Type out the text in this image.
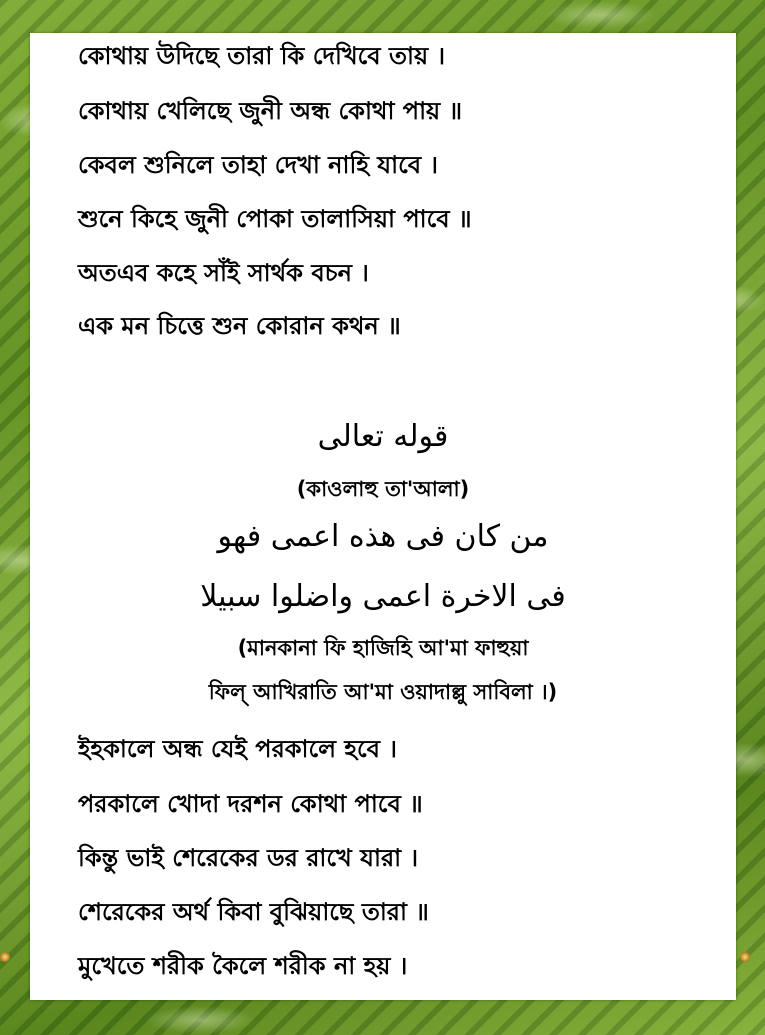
কোথায় উদিছে তারা কি দেখিবে তায় ।

কোথায় খেলিছে জুনী অন্ধ কোথা পায় ॥

কেবল শুনিলে তাহা দেখা নাহি যাবে ।

শুনে কিহে জুনী পোকা তালাসিয়া পাবে ॥

অতএব কহে সাঁই সার্থক বচন ।

এক মন চিত্তে শুন কোরান কথন ॥

قوله تعالى

(কাওলাহু তা'আলা)

من كان فى هذه اعمى فهو

فى الاخرة اعمى واضلوا سبيلا

(মানকানা ফি হাজিহি আ'মা ফাহুয়া

ফিল্ আখিরাতি আ'মা ওয়াদাল্লু সাবিলা ।)

ইহকালে অন্ধ যেই পরকালে হবে ।

পরকালে খোদা দরশন কোথা পাবে ॥

কিন্তু ভাই শেরেকের ডর রাখে যারা ।

শেরেকের অর্থ কিবা বুঝিয়াছে তারা ॥

মুখেতে শরীক কৈলে শরীক না হয় ।
